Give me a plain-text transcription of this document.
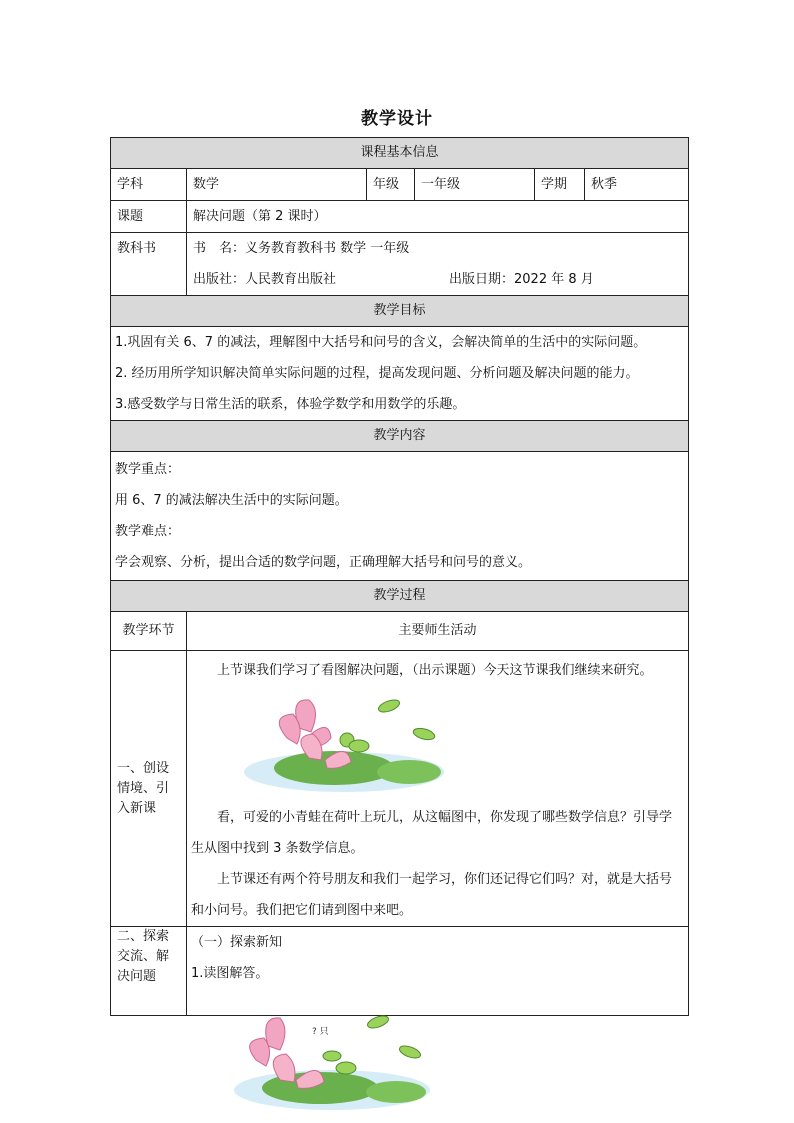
教学设计
课程基本信息					
学科	数学	年级	一年级	学期	秋季
课题	解决问题（第 2 课时）				

教科书	书　名：义务教育教科书 数学 一年级
出版社：人民教育出版社 出版日期：2022 年 8 月				

教学目标					

1.巩固有关 6、7 的减法，理解图中大括号和问号的含义，会解决简单的生活中的实际问题。

2. 经历用所学知识解决简单实际问题的过程，提高发现问题、分析问题及解决问题的能力。

3.感受数学与日常生活的联系，体验学数学和用数学的乐趣。					

教学内容					

教学重点：

用 6、7 的减法解决生活中的实际问题。

教学难点：

学会观察、分析，提出合适的数学问题，正确理解大括号和问号的意义。					

教学过程					
教学环节	主要师生活动				
一、创设情境、引入新课	上节课我们学习了看图解决问题，（出示课题）今天这节课我们继续来研究。

看，可爱的小青蛙在荷叶上玩儿，从这幅图中，你发现了哪些数学信息？引导学生从图中找到 3 条数学信息。

上节课还有两个符号朋友和我们一起学习，你们还记得它们吗？对，就是大括号和小问号。我们把它们请到图中来吧。				

二、探索交流、解决问题	（一）探索新知

1.读图解答。				

? 只
